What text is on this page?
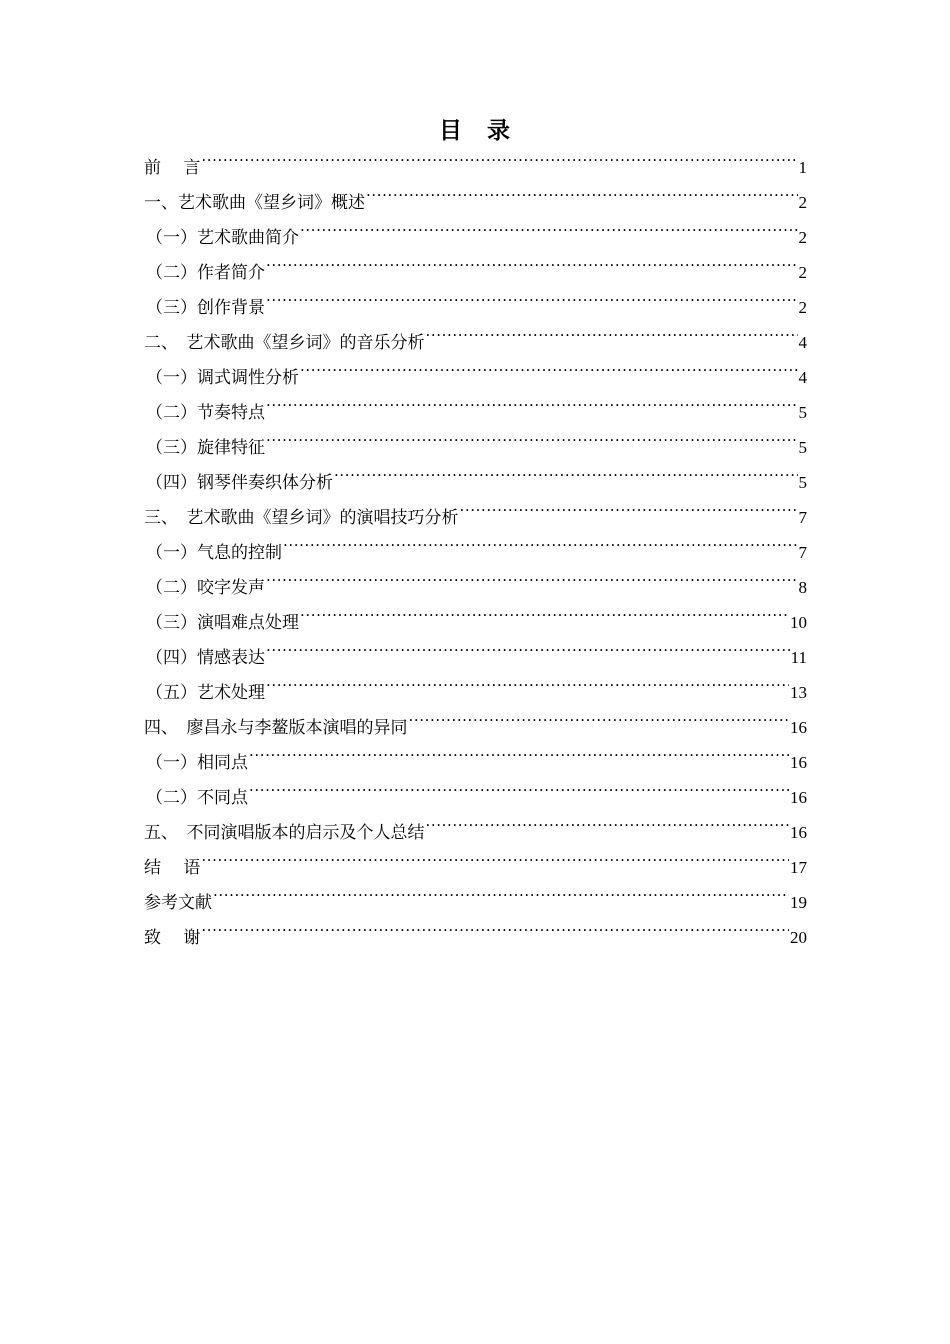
目　录
前　 言 .....	1
一、艺术歌曲《望乡词》概述 .....	2
（一）艺术歌曲简介 .....	2
（二）作者简介 .....	2
（三）创作背景 .....	2
二、　艺术歌曲《望乡词》的音乐分析 .....	4
（一）调式调性分析 .....	4
（二）节奏特点 .....	5
（三）旋律特征 .....	5
（四）钢琴伴奏织体分析 .....	5
三、　艺术歌曲《望乡词》的演唱技巧分析 .....	7
（一）气息的控制 .....	7
（二）咬字发声 .....	8
（三）演唱难点处理 .....	10
（四）情感表达 .....	11
（五）艺术处理 .....	13
四、　廖昌永与李鳌版本演唱的异同 .....	16
（一）相同点 .....	16
（二）不同点 .....	16
五、　不同演唱版本的启示及个人总结 .....	16
结　 语 .....	17
参考文献 .....	19
致　 谢 .....	20
